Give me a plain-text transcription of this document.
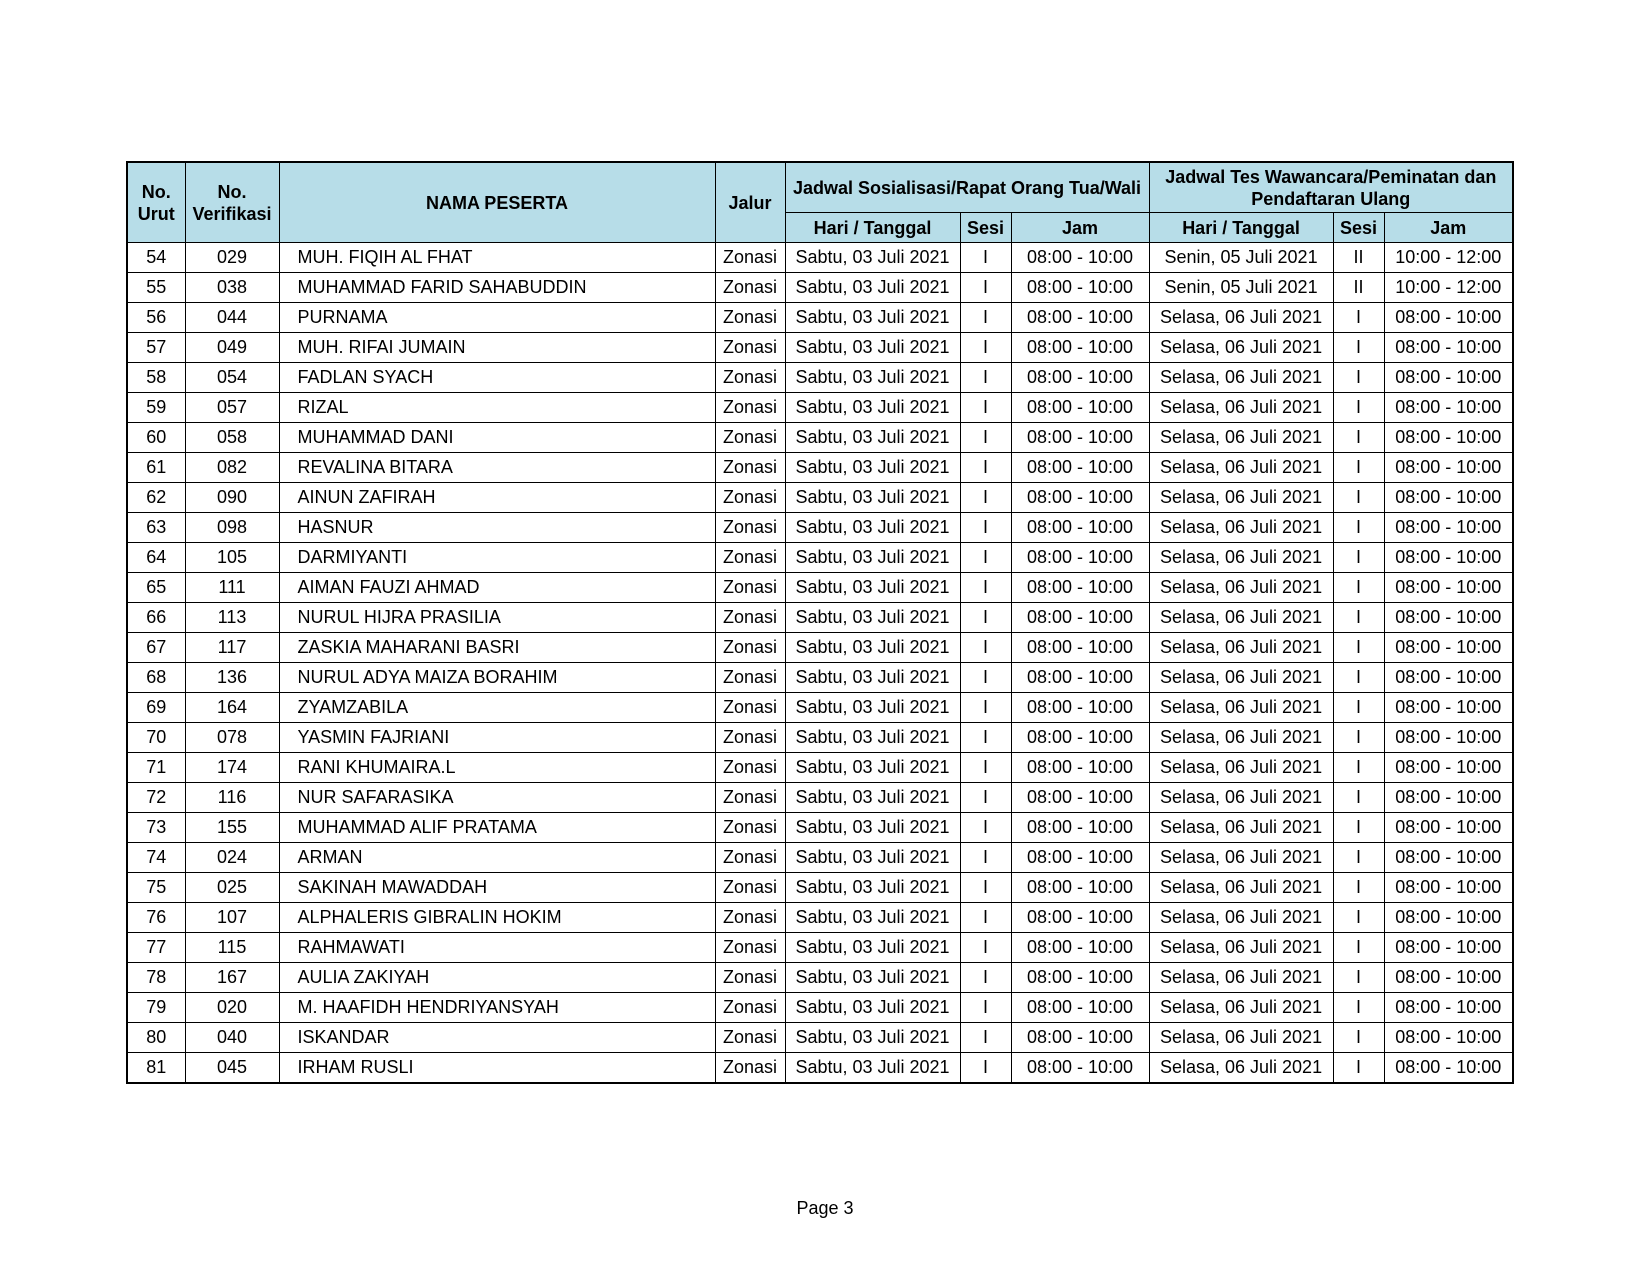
No. Urut	No. Verifikasi	NAMA PESERTA	Jalur	Jadwal Sosialisasi/Rapat Orang Tua/Wali			Jadwal Tes Wawancara/Peminatan dan Pendaftaran Ulang		
				Hari / Tanggal	Sesi	Jam	Hari / Tanggal	Sesi	Jam
54	029	MUH. FIQIH AL FHAT	Zonasi	Sabtu, 03 Juli 2021	I	08:00 - 10:00	Senin, 05 Juli 2021	II	10:00 - 12:00
55	038	MUHAMMAD FARID SAHABUDDIN	Zonasi	Sabtu, 03 Juli 2021	I	08:00 - 10:00	Senin, 05 Juli 2021	II	10:00 - 12:00
56	044	PURNAMA	Zonasi	Sabtu, 03 Juli 2021	I	08:00 - 10:00	Selasa, 06 Juli 2021	I	08:00 - 10:00
57	049	MUH. RIFAI JUMAIN	Zonasi	Sabtu, 03 Juli 2021	I	08:00 - 10:00	Selasa, 06 Juli 2021	I	08:00 - 10:00
58	054	FADLAN SYACH	Zonasi	Sabtu, 03 Juli 2021	I	08:00 - 10:00	Selasa, 06 Juli 2021	I	08:00 - 10:00
59	057	RIZAL	Zonasi	Sabtu, 03 Juli 2021	I	08:00 - 10:00	Selasa, 06 Juli 2021	I	08:00 - 10:00
60	058	MUHAMMAD DANI	Zonasi	Sabtu, 03 Juli 2021	I	08:00 - 10:00	Selasa, 06 Juli 2021	I	08:00 - 10:00
61	082	REVALINA BITARA	Zonasi	Sabtu, 03 Juli 2021	I	08:00 - 10:00	Selasa, 06 Juli 2021	I	08:00 - 10:00
62	090	AINUN ZAFIRAH	Zonasi	Sabtu, 03 Juli 2021	I	08:00 - 10:00	Selasa, 06 Juli 2021	I	08:00 - 10:00
63	098	HASNUR	Zonasi	Sabtu, 03 Juli 2021	I	08:00 - 10:00	Selasa, 06 Juli 2021	I	08:00 - 10:00
64	105	DARMIYANTI	Zonasi	Sabtu, 03 Juli 2021	I	08:00 - 10:00	Selasa, 06 Juli 2021	I	08:00 - 10:00
65	111	AIMAN FAUZI AHMAD	Zonasi	Sabtu, 03 Juli 2021	I	08:00 - 10:00	Selasa, 06 Juli 2021	I	08:00 - 10:00
66	113	NURUL HIJRA PRASILIA	Zonasi	Sabtu, 03 Juli 2021	I	08:00 - 10:00	Selasa, 06 Juli 2021	I	08:00 - 10:00
67	117	ZASKIA MAHARANI BASRI	Zonasi	Sabtu, 03 Juli 2021	I	08:00 - 10:00	Selasa, 06 Juli 2021	I	08:00 - 10:00
68	136	NURUL ADYA MAIZA BORAHIM	Zonasi	Sabtu, 03 Juli 2021	I	08:00 - 10:00	Selasa, 06 Juli 2021	I	08:00 - 10:00
69	164	ZYAMZABILA	Zonasi	Sabtu, 03 Juli 2021	I	08:00 - 10:00	Selasa, 06 Juli 2021	I	08:00 - 10:00
70	078	YASMIN FAJRIANI	Zonasi	Sabtu, 03 Juli 2021	I	08:00 - 10:00	Selasa, 06 Juli 2021	I	08:00 - 10:00
71	174	RANI KHUMAIRA.L	Zonasi	Sabtu, 03 Juli 2021	I	08:00 - 10:00	Selasa, 06 Juli 2021	I	08:00 - 10:00
72	116	NUR SAFARASIKA	Zonasi	Sabtu, 03 Juli 2021	I	08:00 - 10:00	Selasa, 06 Juli 2021	I	08:00 - 10:00
73	155	MUHAMMAD ALIF PRATAMA	Zonasi	Sabtu, 03 Juli 2021	I	08:00 - 10:00	Selasa, 06 Juli 2021	I	08:00 - 10:00
74	024	ARMAN	Zonasi	Sabtu, 03 Juli 2021	I	08:00 - 10:00	Selasa, 06 Juli 2021	I	08:00 - 10:00
75	025	SAKINAH MAWADDAH	Zonasi	Sabtu, 03 Juli 2021	I	08:00 - 10:00	Selasa, 06 Juli 2021	I	08:00 - 10:00
76	107	ALPHALERIS GIBRALIN HOKIM	Zonasi	Sabtu, 03 Juli 2021	I	08:00 - 10:00	Selasa, 06 Juli 2021	I	08:00 - 10:00
77	115	RAHMAWATI	Zonasi	Sabtu, 03 Juli 2021	I	08:00 - 10:00	Selasa, 06 Juli 2021	I	08:00 - 10:00
78	167	AULIA ZAKIYAH	Zonasi	Sabtu, 03 Juli 2021	I	08:00 - 10:00	Selasa, 06 Juli 2021	I	08:00 - 10:00
79	020	M. HAAFIDH HENDRIYANSYAH	Zonasi	Sabtu, 03 Juli 2021	I	08:00 - 10:00	Selasa, 06 Juli 2021	I	08:00 - 10:00
80	040	ISKANDAR	Zonasi	Sabtu, 03 Juli 2021	I	08:00 - 10:00	Selasa, 06 Juli 2021	I	08:00 - 10:00
81	045	IRHAM RUSLI	Zonasi	Sabtu, 03 Juli 2021	I	08:00 - 10:00	Selasa, 06 Juli 2021	I	08:00 - 10:00
Page 3
